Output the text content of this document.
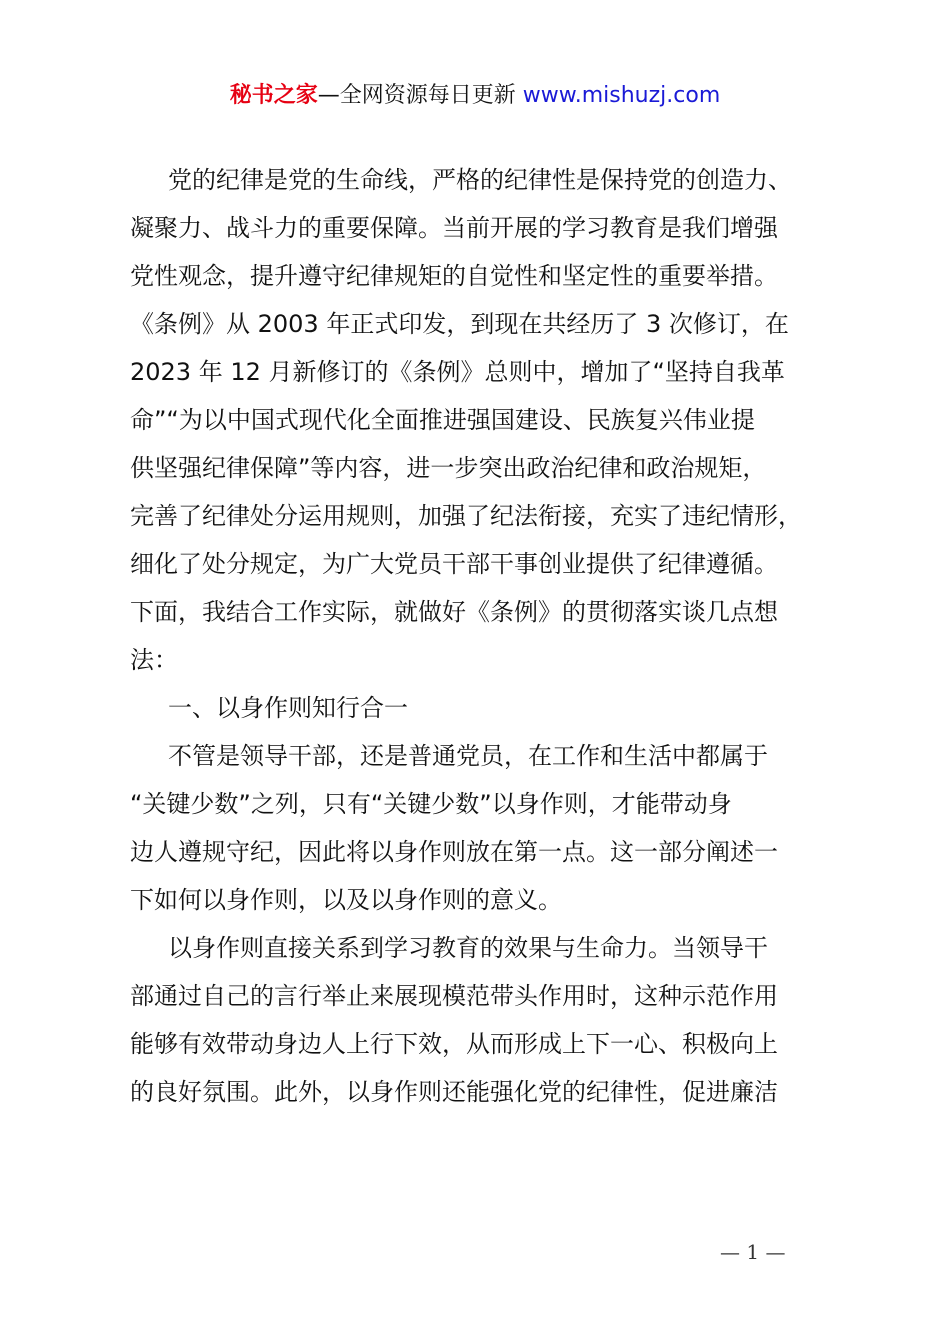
秘书之家—全网资源每日更新 www.mishuzj.com
党的纪律是党的生命线，严格的纪律性是保持党的创造力、
凝聚力、战斗力的重要保障。当前开展的学习教育是我们增强
党性观念，提升遵守纪律规矩的自觉性和坚定性的重要举措。
《条例》从 2003 年正式印发，到现在共经历了 3 次修订，在
2023 年 12 月新修订的《条例》总则中，增加了“坚持自我革
命”“为以中国式现代化全面推进强国建设、民族复兴伟业提
供坚强纪律保障”等内容，进一步突出政治纪律和政治规矩，
完善了纪律处分运用规则，加强了纪法衔接，充实了违纪情形，
细化了处分规定，为广大党员干部干事创业提供了纪律遵循。
下面，我结合工作实际，就做好《条例》的贯彻落实谈几点想
法：
一、以身作则知行合一
不管是领导干部，还是普通党员，在工作和生活中都属于
“关键少数”之列，只有“关键少数”以身作则，才能带动身
边人遵规守纪，因此将以身作则放在第一点。这一部分阐述一
下如何以身作则，以及以身作则的意义。
以身作则直接关系到学习教育的效果与生命力。当领导干
部通过自己的言行举止来展现模范带头作用时，这种示范作用
能够有效带动身边人上行下效，从而形成上下一心、积极向上
的良好氛围。此外，以身作则还能强化党的纪律性，促进廉洁
— 1 —
